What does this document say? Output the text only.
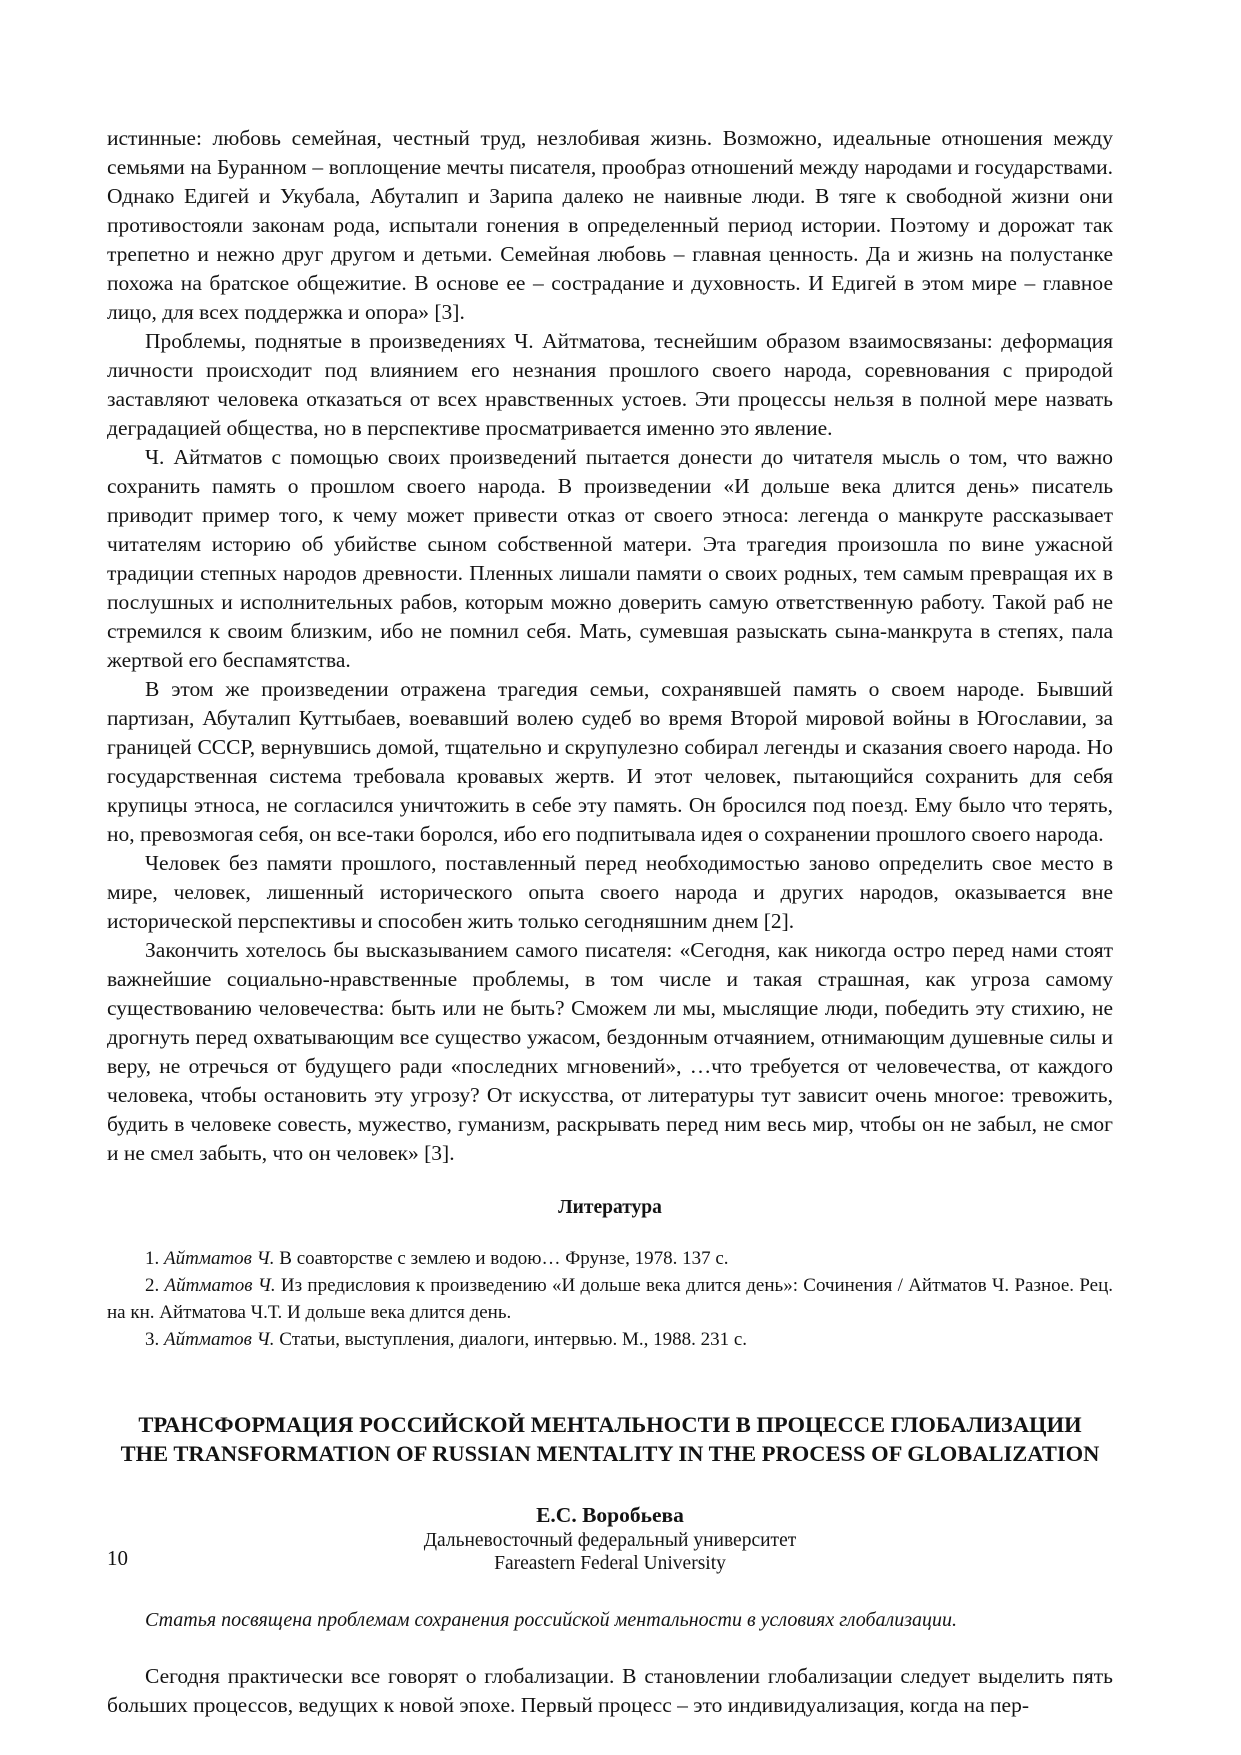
истинные: любовь семейная, честный труд, незлобивая жизнь. Возможно, идеальные отношения между семьями на Буранном – воплощение мечты писателя, прообраз отношений между народами и государствами. Однако Едигей и Укубала, Абуталип и Зарипа далеко не наивные люди. В тяге к свободной жизни они противостояли законам рода, испытали гонения в определенный период истории. Поэтому и дорожат так трепетно и нежно друг другом и детьми. Семейная любовь – главная ценность. Да и жизнь на полустанке похожа на братское общежитие. В основе ее – сострадание и духовность. И Едигей в этом мире – главное лицо, для всех поддержка и опора» [3].

Проблемы, поднятые в произведениях Ч. Айтматова, теснейшим образом взаимосвязаны: деформация личности происходит под влиянием его незнания прошлого своего народа, соревнования с природой заставляют человека отказаться от всех нравственных устоев. Эти процессы нельзя в полной мере назвать деградацией общества, но в перспективе просматривается именно это явление.

Ч. Айтматов с помощью своих произведений пытается донести до читателя мысль о том, что важно сохранить память о прошлом своего народа. В произведении «И дольше века длится день» писатель приводит пример того, к чему может привести отказ от своего этноса: легенда о манкруте рассказывает читателям историю об убийстве сыном собственной матери. Эта трагедия произошла по вине ужасной традиции степных народов древности. Пленных лишали памяти о своих родных, тем самым превращая их в послушных и исполнительных рабов, которым можно доверить самую ответственную работу. Такой раб не стремился к своим близким, ибо не помнил себя. Мать, сумевшая разыскать сына-манкрута в степях, пала жертвой его беспамятства.

В этом же произведении отражена трагедия семьи, сохранявшей память о своем народе. Бывший партизан, Абуталип Куттыбаев, воевавший волею судеб во время Второй мировой войны в Югославии, за границей СССР, вернувшись домой, тщательно и скрупулезно собирал легенды и сказания своего народа. Но государственная система требовала кровавых жертв. И этот человек, пытающийся сохранить для себя крупицы этноса, не согласился уничтожить в себе эту память. Он бросился под поезд. Ему было что терять, но, превозмогая себя, он все-таки боролся, ибо его подпитывала идея о сохранении прошлого своего народа.

Человек без памяти прошлого, поставленный перед необходимостью заново определить свое место в мире, человек, лишенный исторического опыта своего народа и других народов, оказывается вне исторической перспективы и способен жить только сегодняшним днем [2].

Закончить хотелось бы высказыванием самого писателя: «Сегодня, как никогда остро перед нами стоят важнейшие социально-нравственные проблемы, в том числе и такая страшная, как угроза самому существованию человечества: быть или не быть? Сможем ли мы, мыслящие люди, победить эту стихию, не дрогнуть перед охватывающим все существо ужасом, бездонным отчаянием, отнимающим душевные силы и веру, не отречься от будущего ради «последних мгновений», …что требуется от человечества, от каждого человека, чтобы остановить эту угрозу? От искусства, от литературы тут зависит очень многое: тревожить, будить в человеке совесть, мужество, гуманизм, раскрывать перед ним весь мир, чтобы он не забыл, не смог и не смел забыть, что он человек» [3].

Литература

1. Айтматов Ч. В соавторстве с землею и водою… Фрунзе, 1978. 137 с.

2. Айтматов Ч. Из предисловия к произведению «И дольше века длится день»: Сочинения / Айтматов Ч. Разное. Рец. на кн. Айтматова Ч.Т. И дольше века длится день.

3. Айтматов Ч. Статьи, выступления, диалоги, интервью. М., 1988. 231 с.

ТРАНСФОРМАЦИЯ РОССИЙСКОЙ МЕНТАЛЬНОСТИ В ПРОЦЕССЕ ГЛОБАЛИЗАЦИИ

THE TRANSFORMATION OF RUSSIAN MENTALITY IN THE PROCESS OF GLOBALIZATION

Е.С. Воробьева

Дальневосточный федеральный университет

Fareastern Federal University

Статья посвящена проблемам сохранения российской ментальности в условиях глобализации.

Сегодня практически все говорят о глобализации. В становлении глобализации следует выделить пять больших процессов, ведущих к новой эпохе. Первый процесс – это индивидуализация, когда на пер-

10
